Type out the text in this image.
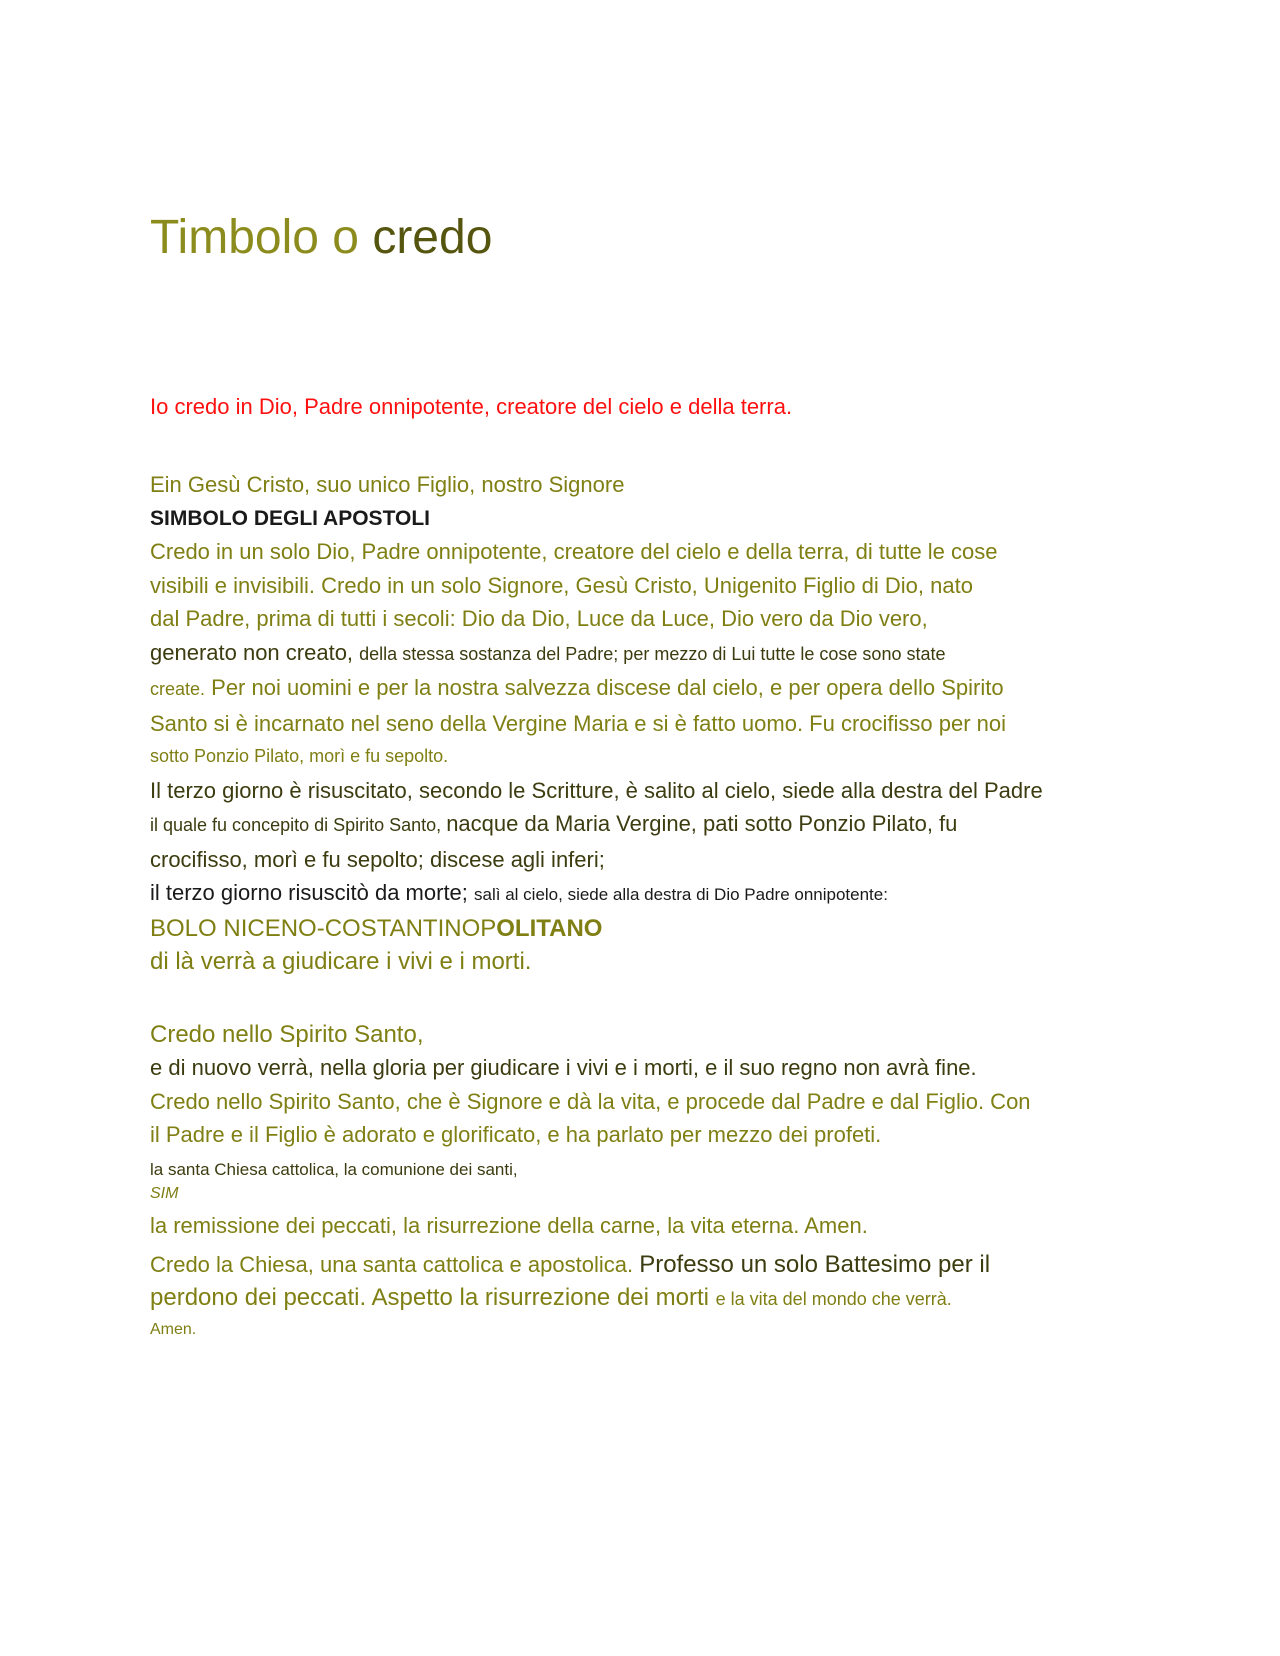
Timbolo o credo
Io credo in Dio, Padre onnipotente, creatore del cielo e della terra.
Ein Gesù Cristo, suo unico Figlio, nostro Signore
SIMBOLO DEGLI APOSTOLI
Credo in un solo Dio, Padre onnipotente, creatore del cielo e della terra, di tutte le cose
visibili e invisibili. Credo in un solo Signore, Gesù Cristo, Unigenito Figlio di Dio, nato
dal Padre, prima di tutti i secoli: Dio da Dio, Luce da Luce, Dio vero da Dio vero,
generato non creato, della stessa sostanza del Padre; per mezzo di Lui tutte le cose sono state
create. Per noi uomini e per la nostra salvezza discese dal cielo, e per opera dello Spirito
Santo si è incarnato nel seno della Vergine Maria e si è fatto uomo. Fu crocifisso per noi
sotto Ponzio Pilato, morì e fu sepolto.
Il terzo giorno è risuscitato, secondo le Scritture, è salito al cielo, siede alla destra del Padre
il quale fu concepito di Spirito Santo, nacque da Maria Vergine, pati sotto Ponzio Pilato, fu
crocifisso, morì e fu sepolto; discese agli inferi;
il terzo giorno risuscitò da morte; salì al cielo, siede alla destra di Dio Padre onnipotente:
BOLO NICENO-COSTANTINOPOLITANO
di là verrà a giudicare i vivi e i morti.
Credo nello Spirito Santo,
e di nuovo verrà, nella gloria per giudicare i vivi e i morti, e il suo regno non avrà fine.
Credo nello Spirito Santo, che è Signore e dà la vita, e procede dal Padre e dal Figlio. Con
il Padre e il Figlio è adorato e glorificato, e ha parlato per mezzo dei profeti.
la santa Chiesa cattolica, la comunione dei santi,
SIM
la remissione dei peccati, la risurrezione della carne, la vita eterna. Amen.
Credo la Chiesa, una santa cattolica e apostolica. Professo un solo Battesimo per il
perdono dei peccati. Aspetto la risurrezione dei morti e la vita del mondo che verrà.
Amen.
